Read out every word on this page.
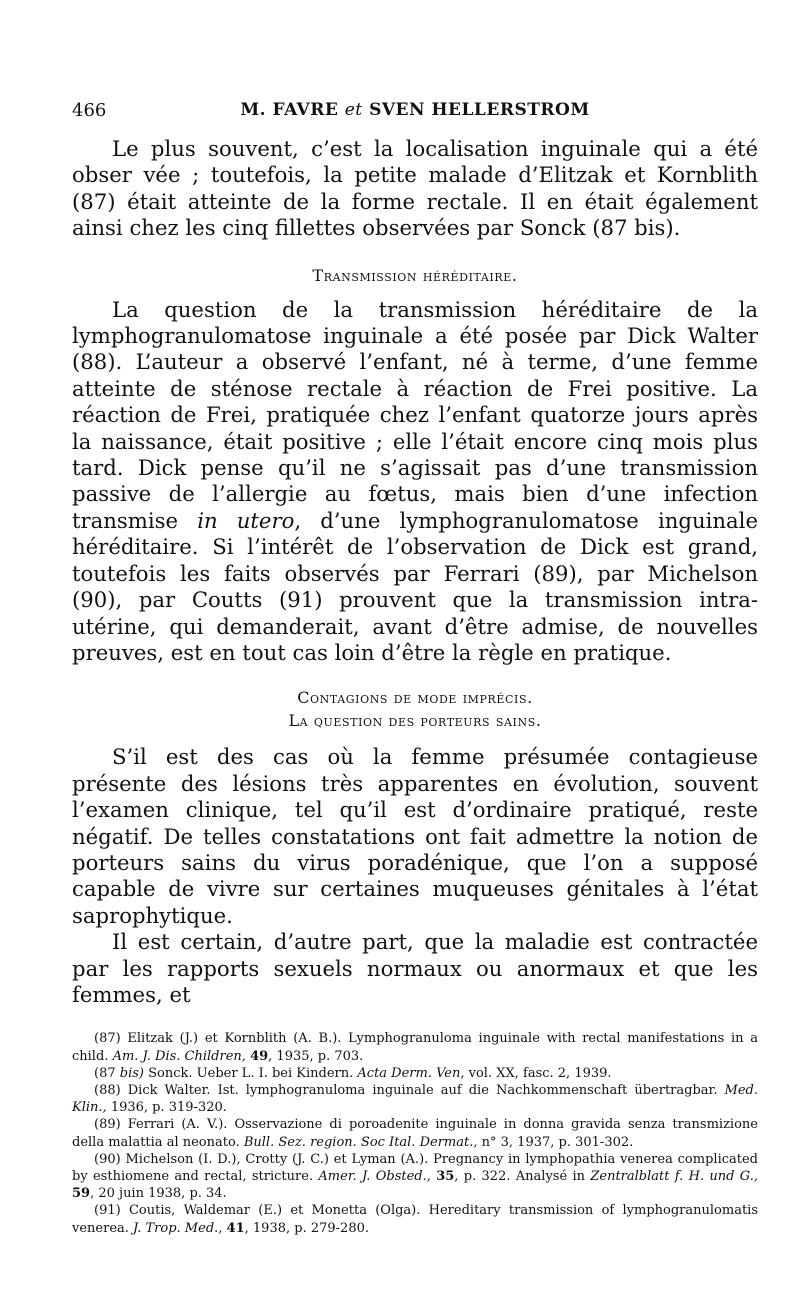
466	M. FAVRE et SVEN HELLERSTROM

Le plus souvent, c’est la localisation inguinale qui a été obser vée ; toutefois, la petite malade d’Elitzak et Kornblith (87) était atteinte de la forme rectale. Il en était également ainsi chez les cinq fillettes observées par Sonck (87 bis).

Transmission héréditaire.

La question de la transmission héréditaire de la lymphogranulomatose inguinale a été posée par Dick Walter (88). L’auteur a observé l’enfant, né à terme, d’une femme atteinte de sténose rectale à réaction de Frei positive. La réaction de Frei, pratiquée chez l’enfant quatorze jours après la naissance, était positive ; elle l’était encore cinq mois plus tard. Dick pense qu’il ne s’agissait pas d’une transmission passive de l’allergie au fœtus, mais bien d’une infection transmise in utero, d’une lymphogranulomatose inguinale héréditaire. Si l’intérêt de l’observation de Dick est grand, toutefois les faits observés par Ferrari (89), par Michelson (90), par Coutts (91) prouvent que la transmission intra-utérine, qui demanderait, avant d’être admise, de nouvelles preuves, est en tout cas loin d’être la règle en pratique.

Contagions de mode imprécis.

La question des porteurs sains.

S’il est des cas où la femme présumée contagieuse présente des lésions très apparentes en évolution, souvent l’examen clinique, tel qu’il est d’ordinaire pratiqué, reste négatif. De telles constatations ont fait admettre la notion de porteurs sains du virus poradénique, que l’on a supposé capable de vivre sur certaines muqueuses génitales à l’état saprophytique.

Il est certain, d’autre part, que la maladie est contractée par les rapports sexuels normaux ou anormaux et que les femmes, et

(87) Elitzak (J.) et Kornblith (A. B.). Lymphogranuloma inguinale with rectal manifestations in a child. Am. J. Dis. Children, 49, 1935, p. 703.

(87 bis) Sonck. Ueber L. I. bei Kindern. Acta Derm. Ven, vol. XX, fasc. 2, 1939.

(88) Dick Walter. Ist. lymphogranuloma inguinale auf die Nachkommenschaft übertragbar. Med. Klin., 1936, p. 319-320.

(89) Ferrari (A. V.). Osservazione di poroadenite inguinale in donna gravida senza transmizione della malattia al neonato. Bull. Sez. region. Soc Ital. Dermat., n° 3, 1937, p. 301-302.

(90) Michelson (I. D.), Crotty (J. C.) et Lyman (A.). Pregnancy in lymphopathia venerea complicated by esthiomene and rectal, stricture. Amer. J. Obsted., 35, p. 322. Analysé in Zentralblatt f. H. und G., 59, 20 juin 1938, p. 34.

(91) Coutis, Waldemar (E.) et Monetta (Olga). Hereditary transmission of lymphogranulomatis venerea. J. Trop. Med., 41, 1938, p. 279-280.
